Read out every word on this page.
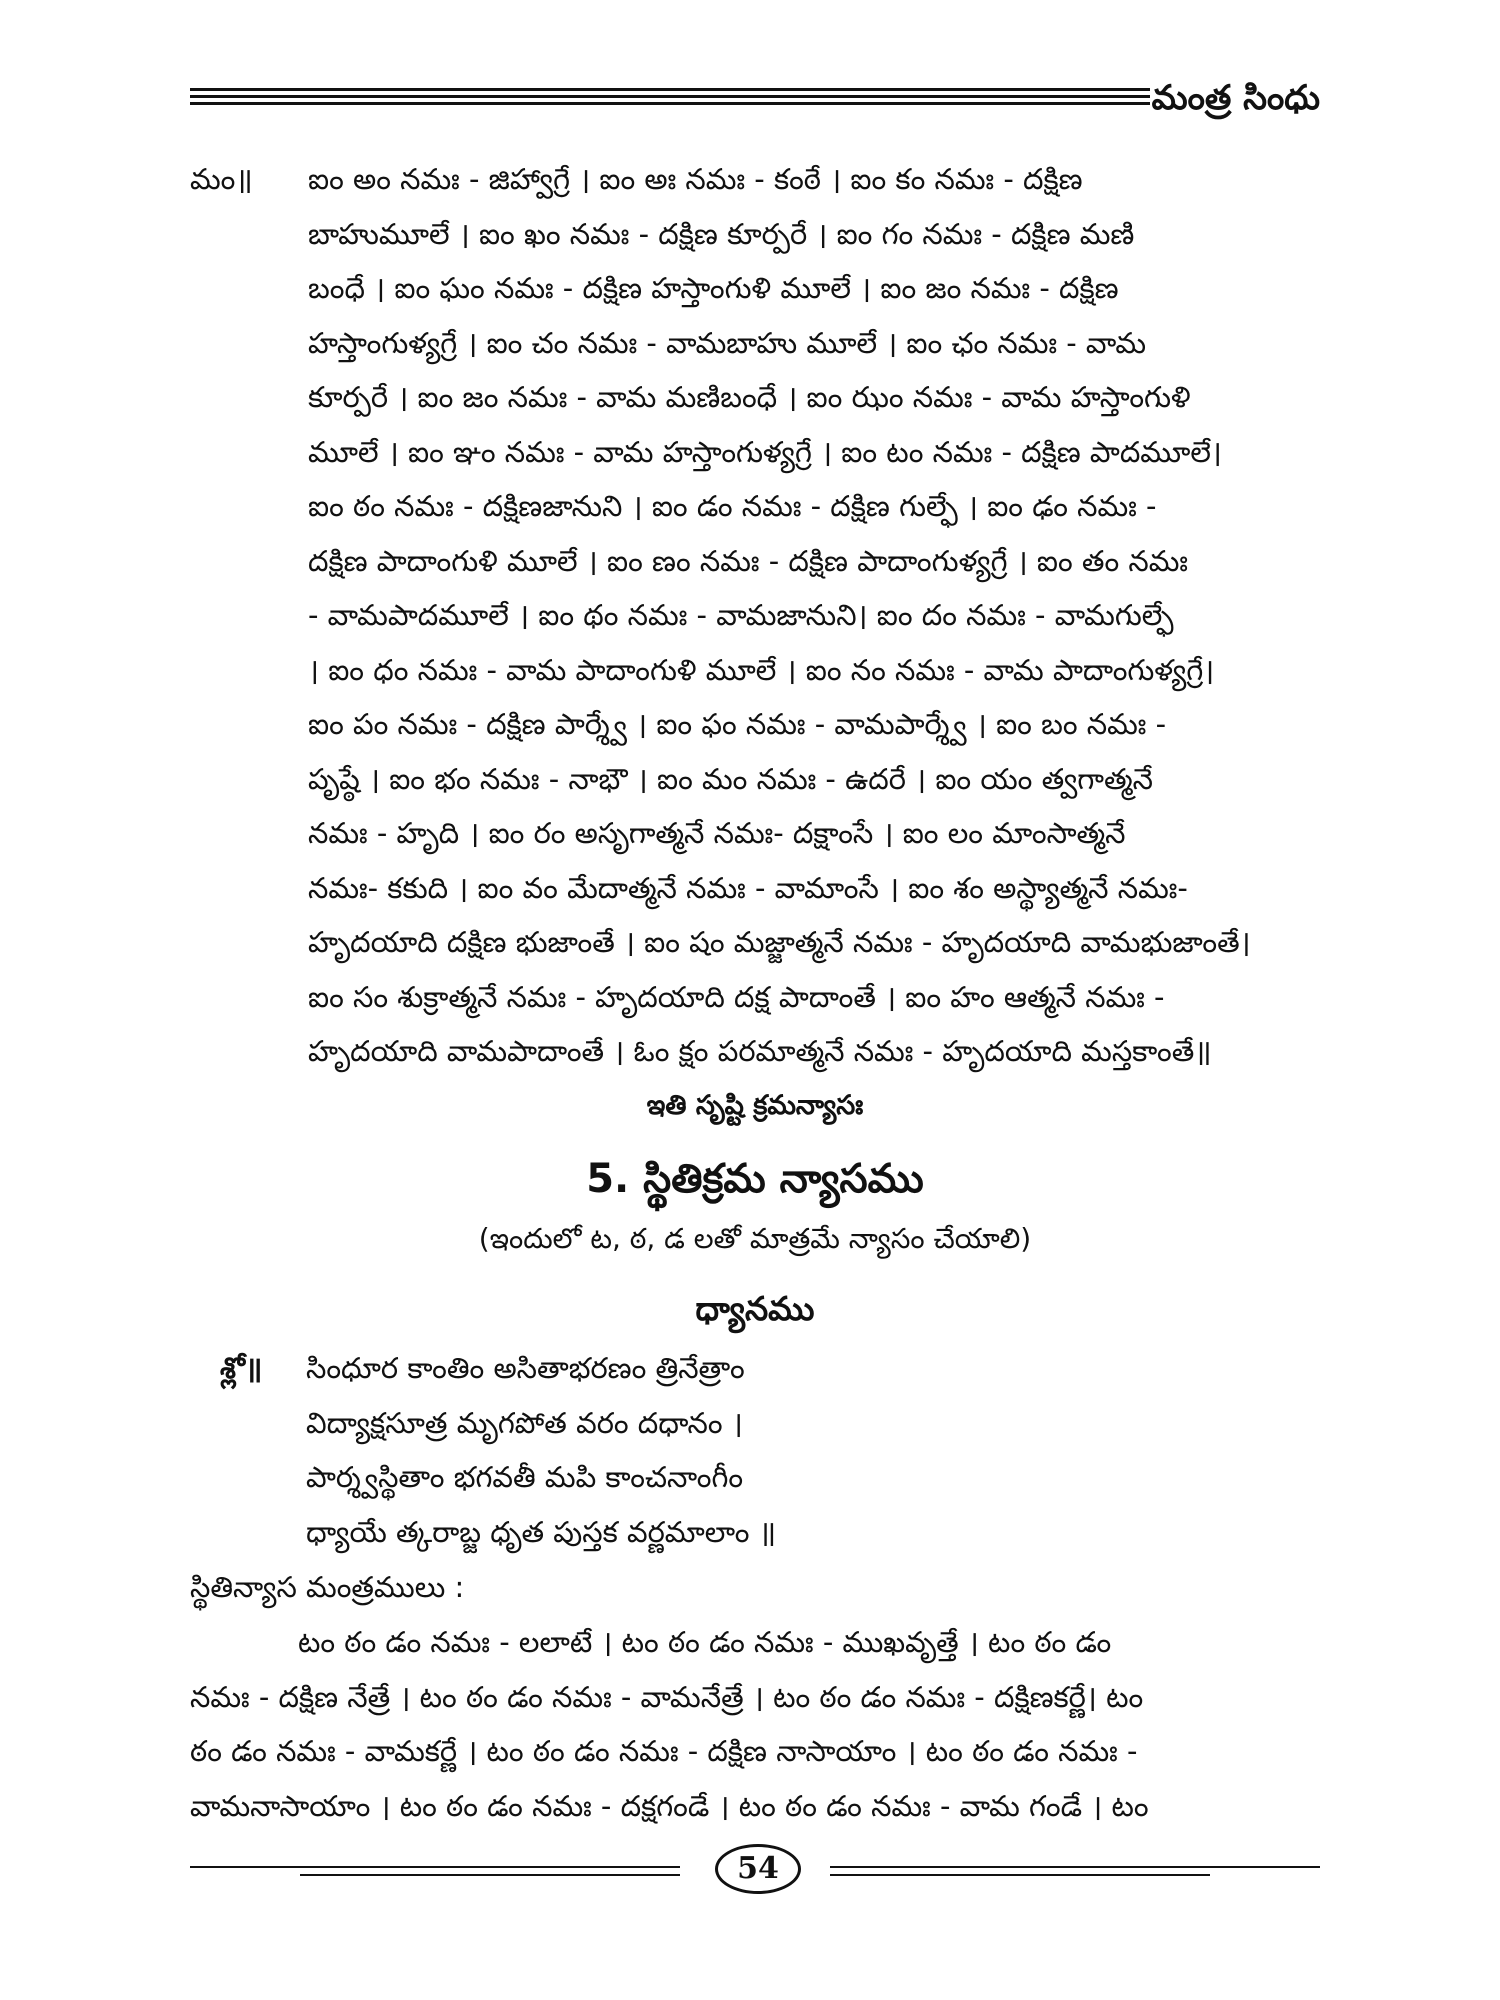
మంత్ర సింధు
మం॥ ఐం అం నమః - జిహ్వాగ్రే । ఐం అః నమః - కంఠే । ఐం కం నమః - దక్షిణ
బాహుమూలే । ఐం ఖం నమః - దక్షిణ కూర్పరే । ఐం గం నమః - దక్షిణ మణి
బంధే । ఐం ఘం నమః - దక్షిణ హస్తాంగుళి మూలే । ఐం జం నమః - దక్షిణ
హస్తాంగుళ్యగ్రే । ఐం చం నమః - వామబాహు మూలే । ఐం ఛం నమః - వామ
కూర్పరే । ఐం జం నమః - వామ మణిబంధే । ఐం ఝం నమః - వామ హస్తాంగుళి
మూలే । ఐం ఞం నమః - వామ హస్తాంగుళ్యగ్రే । ఐం టం నమః - దక్షిణ పాదమూలే।
ఐం ఠం నమః - దక్షిణజానుని । ఐం డం నమః - దక్షిణ గుల్ఫే । ఐం ఢం నమః -
దక్షిణ పాదాంగుళి మూలే । ఐం ణం నమః - దక్షిణ పాదాంగుళ్యగ్రే । ఐం తం నమః
- వామపాదమూలే । ఐం థం నమః - వామజానుని। ఐం దం నమః - వామగుల్ఫే
। ఐం ధం నమః - వామ పాదాంగుళి మూలే । ఐం నం నమః - వామ పాదాంగుళ్యగ్రే।
ఐం పం నమః - దక్షిణ పార్శ్వే । ఐం ఫం నమః - వామపార్శ్వే । ఐం బం నమః -
పృష్ఠే । ఐం భం నమః - నాభౌ । ఐం మం నమః - ఉదరే । ఐం యం త్వగాత్మనే
నమః - హృది । ఐం రం అసృగాత్మనే నమః- దక్షాంసే । ఐం లం మాంసాత్మనే
నమః- కకుది । ఐం వం మేదాత్మనే నమః - వామాంసే । ఐం శం అస్థ్యాత్మనే నమః-
హృదయాది దక్షిణ భుజాంతే । ఐం షం మజ్జాత్మనే నమః - హృదయాది వామభుజాంతే।
ఐం సం శుక్రాత్మనే నమః - హృదయాది దక్ష పాదాంతే । ఐం హం ఆత్మనే నమః -
హృదయాది వామపాదాంతే । ఓం క్షం పరమాత్మనే నమః - హృదయాది మస్తకాంతే॥
ఇతి సృష్టి క్రమన్యాసః
5. స్థితిక్రమ న్యాసము
(ఇందులో ట, ఠ, డ లతో మాత్రమే న్యాసం చేయాలి)
ధ్యానము
శ్లో॥ సింధూర కాంతిం అసితాభరణం త్రినేత్రాం
విద్యాక్షసూత్ర మృగపోత వరం దధానం ।
పార్శ్వస్థితాం భగవతీ మపి కాంచనాంగీం
ధ్యాయే త్కరాబ్జ ధృత పుస్తక వర్ణమాలాం ॥
స్థితిన్యాస మంత్రములు :
టం ఠం డం నమః - లలాటే । టం ఠం డం నమః - ముఖవృత్తే । టం ఠం డం
నమః - దక్షిణ నేత్రే । టం ఠం డం నమః - వామనేత్రే । టం ఠం డం నమః - దక్షిణకర్ణే। టం
ఠం డం నమః - వామకర్ణే । టం ఠం డం నమః - దక్షిణ నాసాయాం । టం ఠం డం నమః -
వామనాసాయాం । టం ఠం డం నమః - దక్షగండే । టం ఠం డం నమః - వామ గండే । టం
54
